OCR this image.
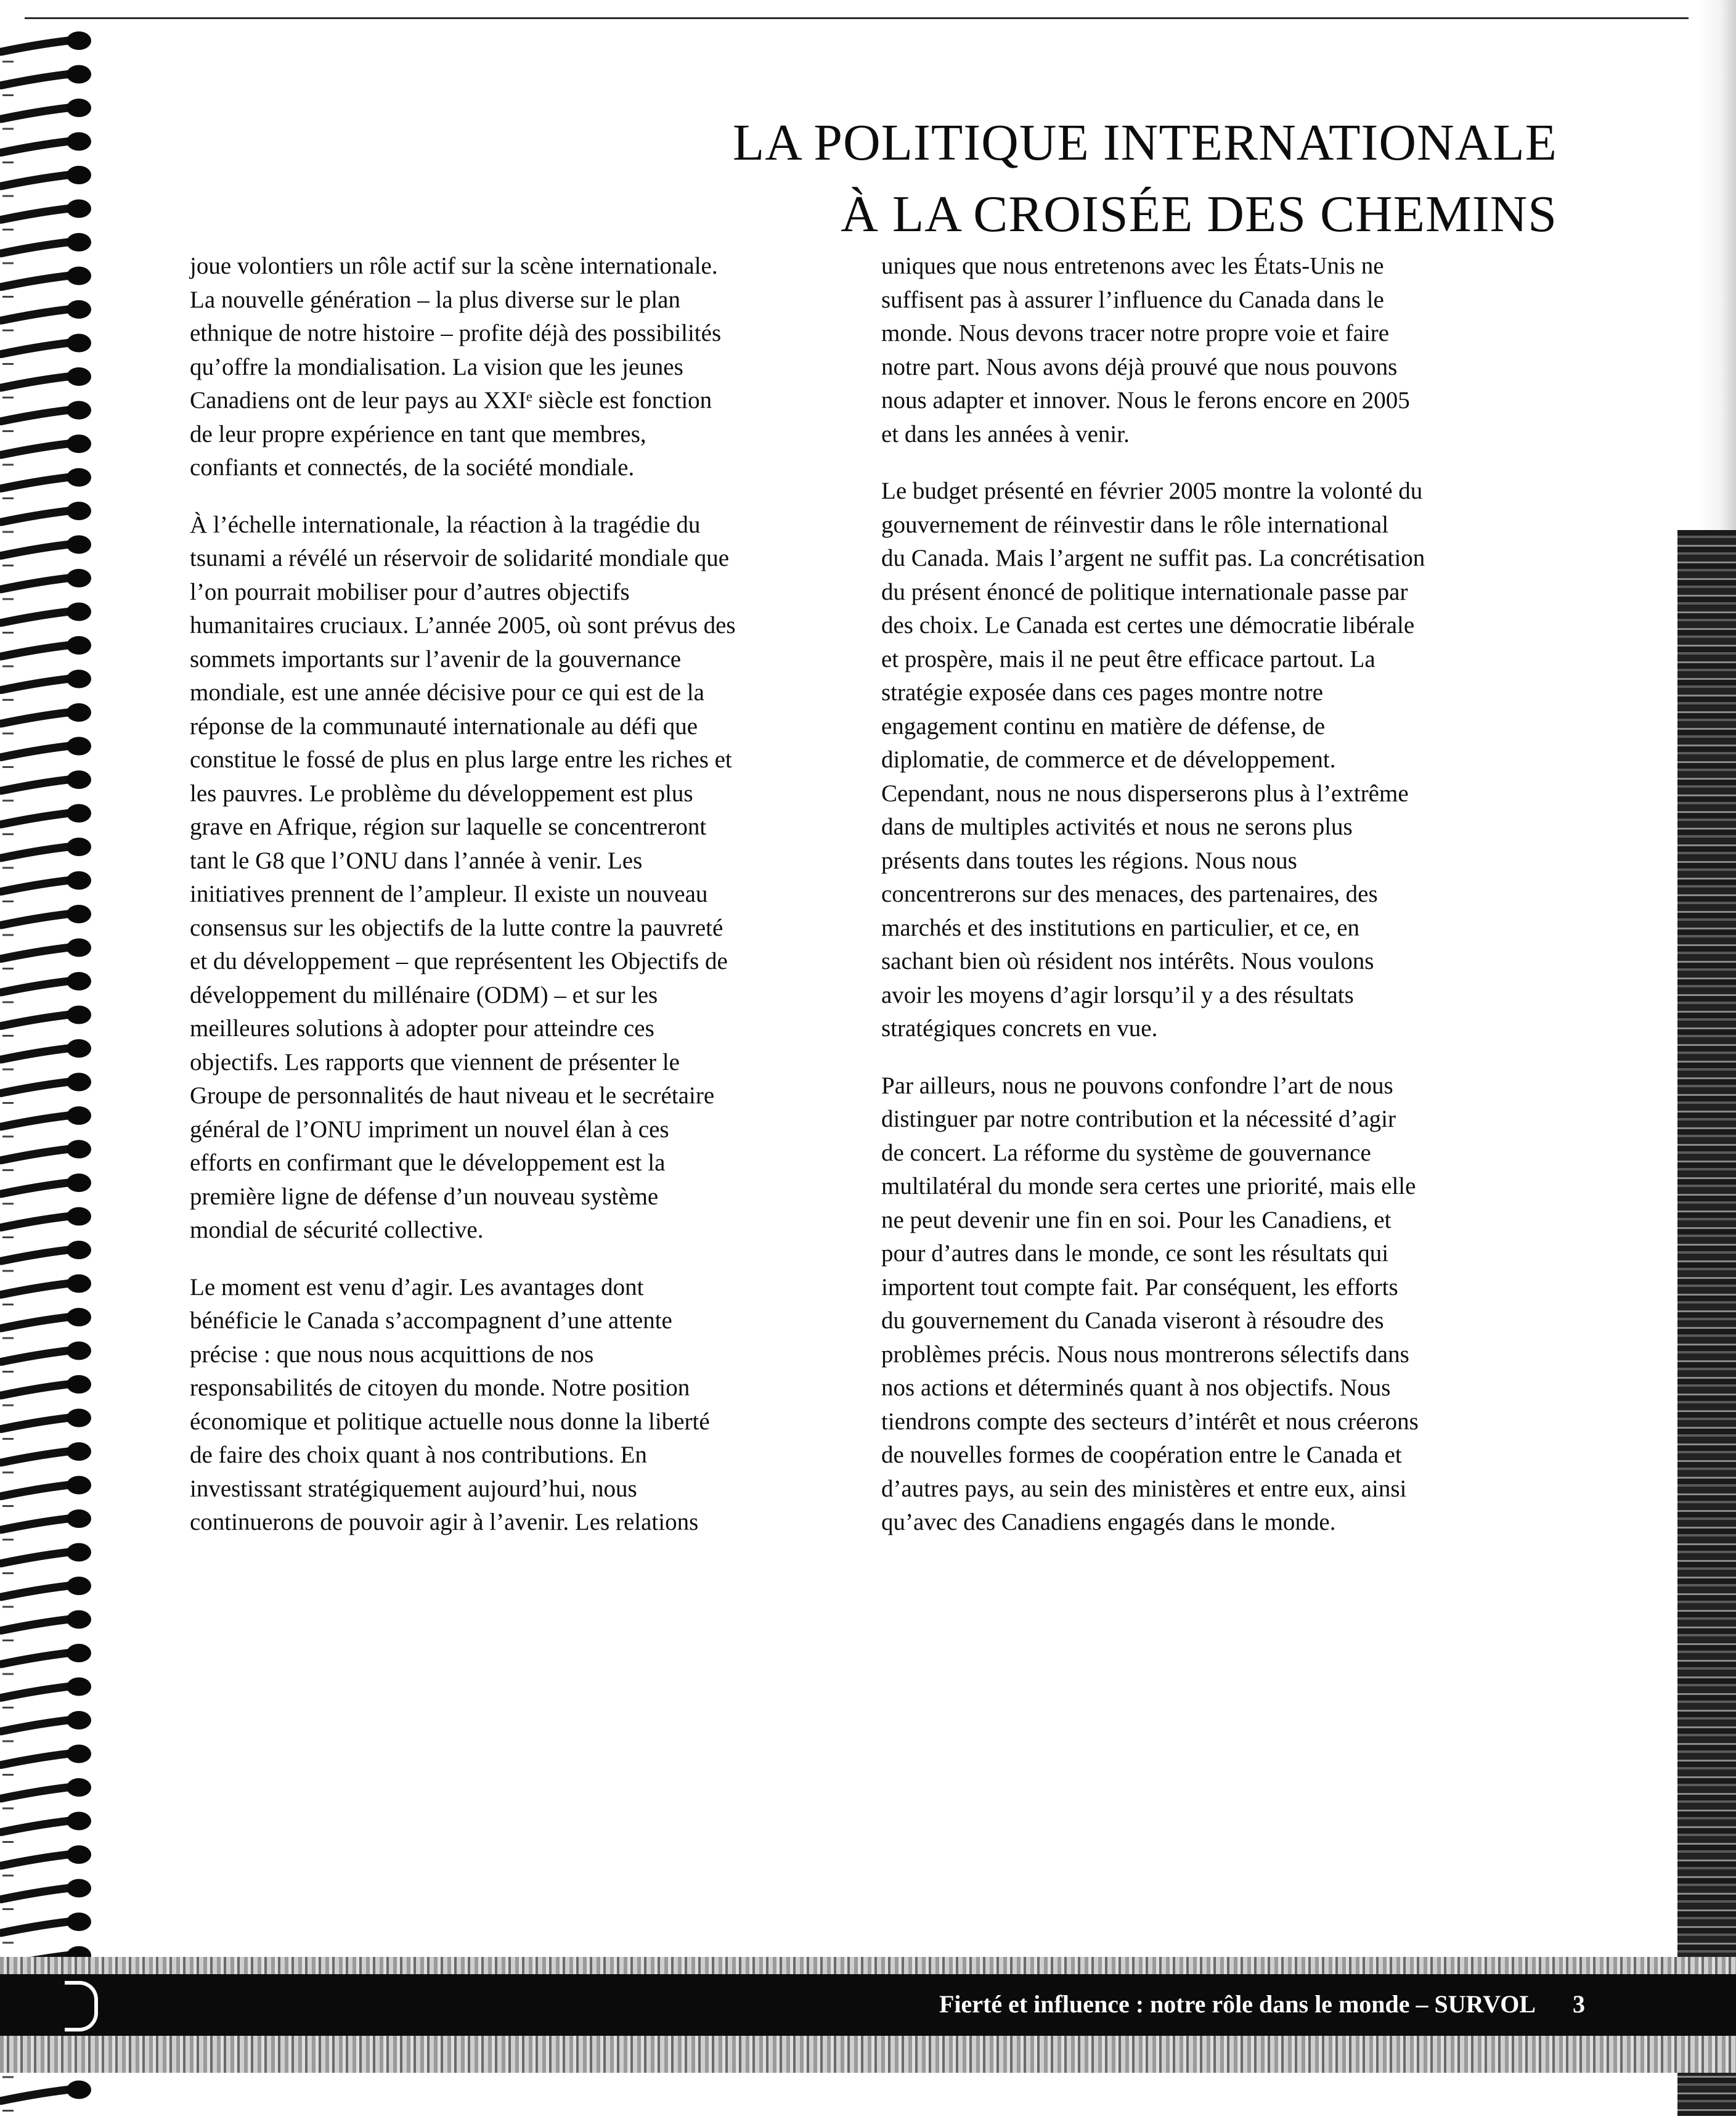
LA POLITIQUE INTERNATIONALE
À LA CROISÉE DES CHEMINS

joue volontiers un rôle actif sur la scène internationale.
La nouvelle génération – la plus diverse sur le plan
ethnique de notre histoire – profite déjà des possibilités
qu’offre la mondialisation. La vision que les jeunes
Canadiens ont de leur pays au XXIᵉ siècle est fonction
de leur propre expérience en tant que membres,
confiants et connectés, de la société mondiale.

À l’échelle internationale, la réaction à la tragédie du
tsunami a révélé un réservoir de solidarité mondiale que
l’on pourrait mobiliser pour d’autres objectifs
humanitaires cruciaux. L’année 2005, où sont prévus des
sommets importants sur l’avenir de la gouvernance
mondiale, est une année décisive pour ce qui est de la
réponse de la communauté internationale au défi que
constitue le fossé de plus en plus large entre les riches et
les pauvres. Le problème du développement est plus
grave en Afrique, région sur laquelle se concentreront
tant le G8 que l’ONU dans l’année à venir. Les
initiatives prennent de l’ampleur. Il existe un nouveau
consensus sur les objectifs de la lutte contre la pauvreté
et du développement – que représentent les Objectifs de
développement du millénaire (ODM) – et sur les
meilleures solutions à adopter pour atteindre ces
objectifs. Les rapports que viennent de présenter le
Groupe de personnalités de haut niveau et le secrétaire
général de l’ONU impriment un nouvel élan à ces
efforts en confirmant que le développement est la
première ligne de défense d’un nouveau système
mondial de sécurité collective.

Le moment est venu d’agir. Les avantages dont
bénéficie le Canada s’accompagnent d’une attente
précise : que nous nous acquittions de nos
responsabilités de citoyen du monde. Notre position
économique et politique actuelle nous donne la liberté
de faire des choix quant à nos contributions. En
investissant stratégiquement aujourd’hui, nous
continuerons de pouvoir agir à l’avenir. Les relations

uniques que nous entretenons avec les États-Unis ne
suffisent pas à assurer l’influence du Canada dans le
monde. Nous devons tracer notre propre voie et faire
notre part. Nous avons déjà prouvé que nous pouvons
nous adapter et innover. Nous le ferons encore en 2005
et dans les années à venir.

Le budget présenté en février 2005 montre la volonté du
gouvernement de réinvestir dans le rôle international
du Canada. Mais l’argent ne suffit pas. La concrétisation
du présent énoncé de politique internationale passe par
des choix. Le Canada est certes une démocratie libérale
et prospère, mais il ne peut être efficace partout. La
stratégie exposée dans ces pages montre notre
engagement continu en matière de défense, de
diplomatie, de commerce et de développement.
Cependant, nous ne nous disperserons plus à l’extrême
dans de multiples activités et nous ne serons plus
présents dans toutes les régions. Nous nous
concentrerons sur des menaces, des partenaires, des
marchés et des institutions en particulier, et ce, en
sachant bien où résident nos intérêts. Nous voulons
avoir les moyens d’agir lorsqu’il y a des résultats
stratégiques concrets en vue.

Par ailleurs, nous ne pouvons confondre l’art de nous
distinguer par notre contribution et la nécessité d’agir
de concert. La réforme du système de gouvernance
multilatéral du monde sera certes une priorité, mais elle
ne peut devenir une fin en soi. Pour les Canadiens, et
pour d’autres dans le monde, ce sont les résultats qui
importent tout compte fait. Par conséquent, les efforts
du gouvernement du Canada viseront à résoudre des
problèmes précis. Nous nous montrerons sélectifs dans
nos actions et déterminés quant à nos objectifs. Nous
tiendrons compte des secteurs d’intérêt et nous créerons
de nouvelles formes de coopération entre le Canada et
d’autres pays, au sein des ministères et entre eux, ainsi
qu’avec des Canadiens engagés dans le monde.

Fierté et influence : notre rôle dans le monde – SURVOL 3
